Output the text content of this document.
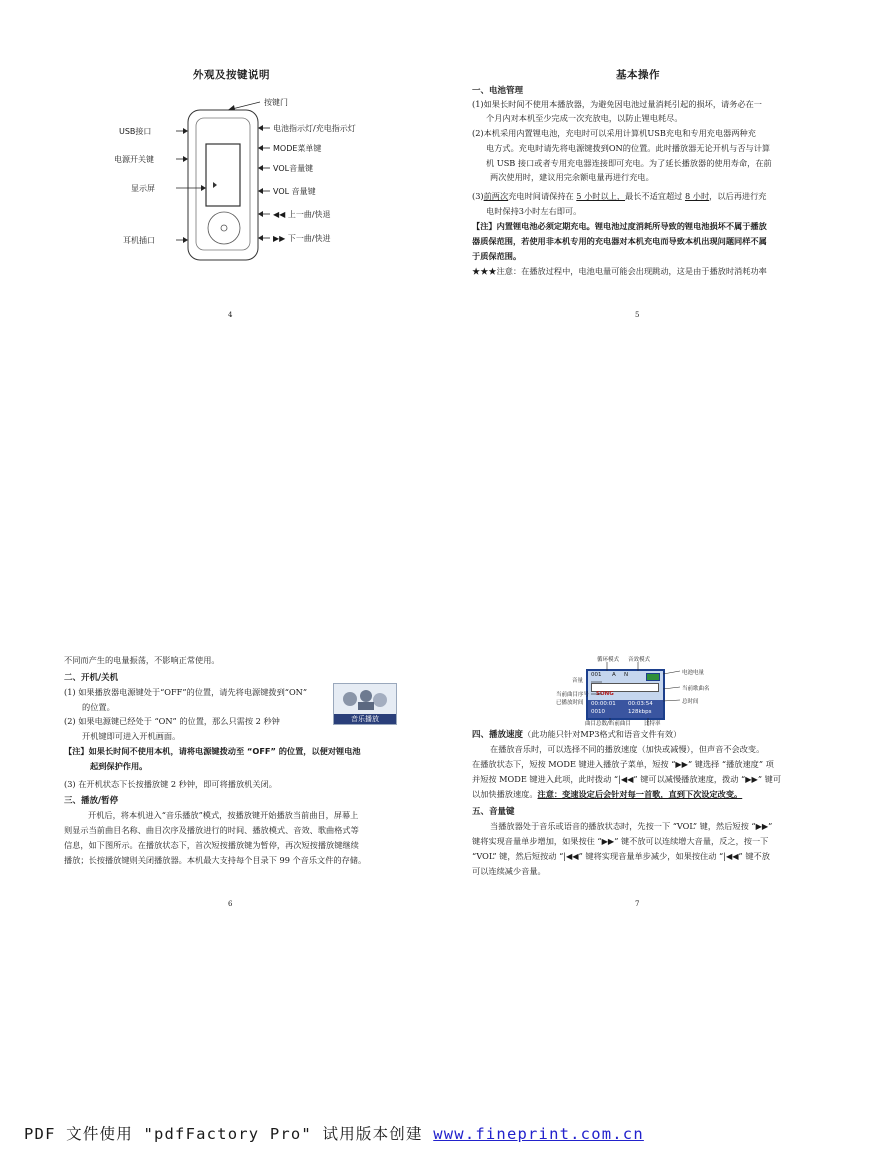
外观及按键说明
按键门
USB接口
电源开关键
显示屏
耳机插口
电池指示灯/充电指示灯
MODE菜单键
VOL音量键
VOL 音量键
◀◀ 上一曲/快退
▶▶ 下一曲/快进
4
基本操作
一、电池管理
(1)如果长时间不使用本播放器，为避免因电池过量消耗引起的损坏，请务必在一
个月内对本机至少完成一次充放电，以防止锂电耗尽。
(2)本机采用内置锂电池，充电时可以采用计算机USB充电和专用充电器两种充
电方式。充电时请先将电源键拨到ON的位置。此时播放器无论开机与否与计算
机 USB 接口或者专用充电器连接即可充电。为了延长播放器的使用寿命，在前
两次使用时，建议用完余额电量再进行充电。
(3)前两次充电时间请保持在 5 小时以上，最长不适宜超过 8 小时，以后再进行充
电时保持3小时左右即可。
【注】内置锂电池必须定期充电。锂电池过度消耗所导致的锂电池损坏不属于播放
器质保范围，若使用非本机专用的充电器对本机充电而导致本机出现问题同样不属
于质保范围。
★★★注意：在播放过程中，电池电量可能会出现跳动，这是由于播放时消耗功率
5
不同而产生的电量振荡，不影响正常使用。
二、开机/关机
(1) 如果播放器电源键处于“OFF”的位置，请先将电源键拨到“ON”
的位置。
(2) 如果电源键已经处于 “ON” 的位置，那么只需按 2 秒钟
开机键即可进入开机画面。
音乐播放
【注】如果长时间不使用本机，请将电源键拨动至 “OFF” 的位置，以便对锂电池
起到保护作用。
(3) 在开机状态下长按播放键 2 秒钟，即可将播放机关闭。
三、播放/暂停
开机后，将本机进入“音乐播放”模式，按播放键开始播放当前曲目，屏幕上
则显示当前曲目名称、曲目次序及播放进行的时间、播放模式、音效、歌曲格式等
信息，如下图所示。在播放状态下，首次短按播放键为暂停，再次短按播放键继续
播放；长按播放键则关闭播放器。本机最大支持每个目录下 99 个音乐文件的存储。
6
001 A N
SONG
00:00:01 00:03:54
0010	128kbps
循环模式 音效模式
音量
当前曲目序号
已播放时间
电池电量
当前歌曲名
总时间
曲目总数/当前曲目 比特率
四、播放速度（此功能只针对MP3格式和语音文件有效）
在播放音乐时，可以选择不同的播放速度（加快或减慢），但声音不会改变。
在播放状态下，短按 MODE 键进入播放子菜单，短按 “▶▶” 键选择 “播放速度” 项
并短按 MODE 键进入此项，此时拨动 “|◀◀” 键可以减慢播放速度，拨动 “▶▶” 键可
以加快播放速度。注意：变速设定后会针对每一首歌，直到下次设定改变。
五、音量键
当播放器处于音乐或语音的播放状态时，先按一下 “VOL” 键，然后短按 “▶▶”
键将实现音量单步增加，如果按住 “▶▶” 键不放可以连续增大音量，反之，按一下
“VOL” 键，然后短按动 “|◀◀” 键将实现音量单步减少，如果按住动 “|◀◀” 键不放
可以连续减少音量。
7
PDF 文件使用 "pdfFactory Pro" 试用版本创建 www.fineprint.com.cn
